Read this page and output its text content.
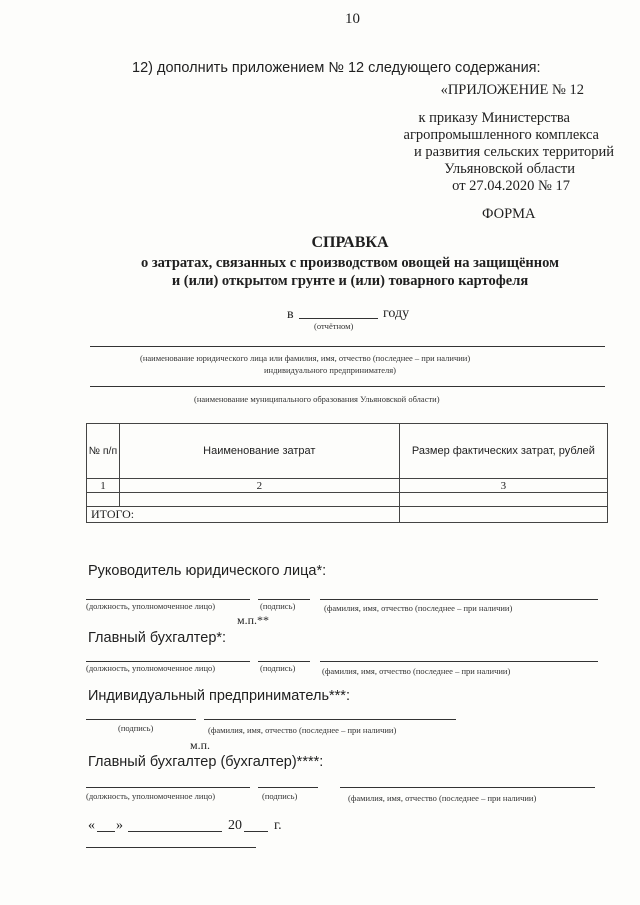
10
12) дополнить приложением № 12 следующего содержания:
«ПРИЛОЖЕНИЕ № 12
к приказу Министерства
агропромышленного комплекса
и развития сельских территорий
Ульяновской области
от 27.04.2020 № 17
ФОРМА
СПРАВКА
о затратах, связанных с производством овощей на защищённом
и (или) открытом грунте и (или) товарного картофеля
в	году
(отчётном)
(наименование юридического лица или фамилия, имя, отчество (последнее – при наличии)
индивидуального предпринимателя)
(наименование муниципального образования Ульяновской области)
№ п/п	Наименование затрат	Размер фактических затрат, рублей
1	2	3

ИТОГО:		
Руководитель юридического лица*:
(должность, уполномоченное лицо)	(подпись)	(фамилия, имя, отчество (последнее – при наличии)
м.п.**
Главный бухгалтер*:
(должность, уполномоченное лицо)	(подпись)	(фамилия, имя, отчество (последнее – при наличии)
Индивидуальный предприниматель***:
(подпись)	(фамилия, имя, отчество (последнее – при наличии)
м.п.
Главный бухгалтер (бухгалтер)****:
(должность, уполномоченное лицо)	(подпись)	(фамилия, имя, отчество (последнее – при наличии)
« »	20 г.
